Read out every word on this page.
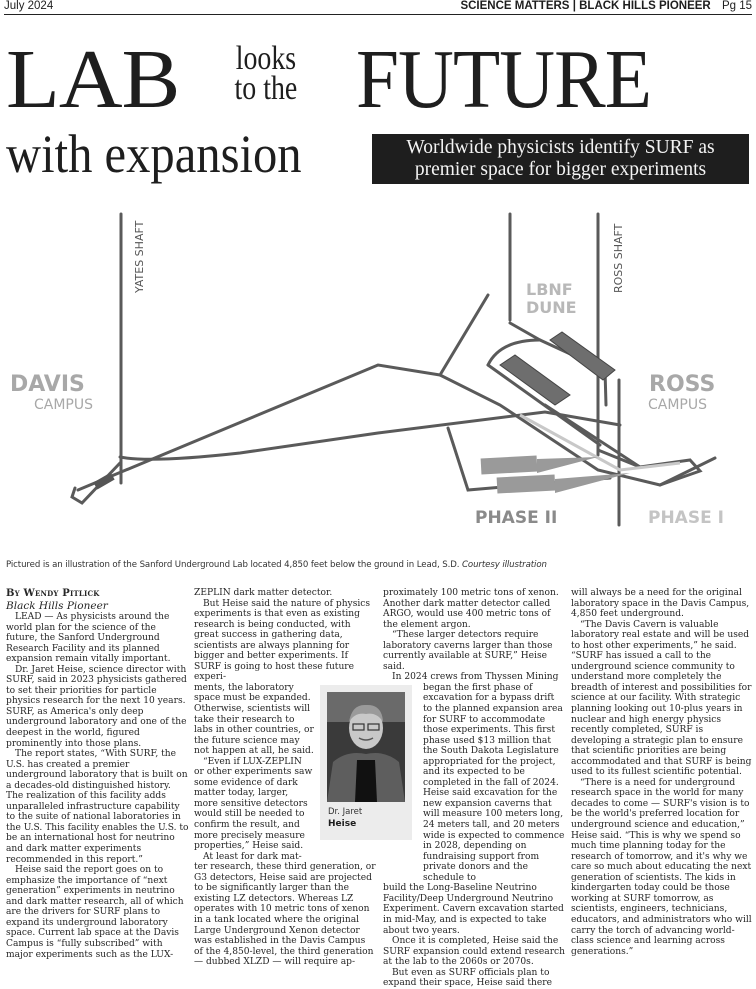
July 2024	SCIENCE MATTERS | BLACK HILLS PIONEER Pg 15
LAB	looks
to the FUTURE
with expansion	Worldwide physicists identify SURF as
premier space for bigger experiments
YATES SHAFT	ROSS SHAFT
DAVIS
CAMPUS
ROSS
CAMPUS
LBNF
DUNE
PHASE II	PHASE I
Pictured is an illustration of the Sanford Underground Lab located 4,850 feet below the ground in Lead, S.D. Courtesy illustration
By Wendy Pitlick
Black Hills Pioneer

LEAD — As physicists around the world plan for the science of the future, the Sanford Underground Research Facility and its planned expansion remain vitally important.

Dr. Jaret Heise, science director with SURF, said in 2023 physicists gathered to set their priorities for particle physics research for the next 10 years. SURF, as America's only deep underground laboratory and one of the deepest in the world, figured prominently into those plans.

The report states, “With SURF, the U.S. has created a premier underground laboratory that is built on a decades-old distinguished history. The realization of this facility adds unparalleled infrastructure capability to the suite of national laboratories in the U.S. This facility enables the U.S. to be an international host for neutrino and dark matter experiments recommended in this report.”

Heise said the report goes on to emphasize the importance of “next generation” experiments in neutrino and dark matter research, all of which are the drivers for SURF plans to expand its underground laboratory space. Current lab space at the Davis Campus is “fully subscribed” with major experiments such as the LUX-

ZEPLIN dark matter detector.

But Heise said the nature of physics experiments is that even as existing research is being conducted, with great success in gathering data, scientists are always planning for bigger and better experiments. If SURF is going to host these future experi-

ments, the laboratory space must be expanded. Otherwise, scientists will take their research to labs in other countries, or the future science may not happen at all, he said.

“Even if LUX-ZEPLIN or other experiments saw some evidence of dark matter today, larger, more sensitive detectors would still be needed to confirm the result, and more precisely measure properties,” Heise said.

At least for dark mat-

ter research, these third generation, or G3 detectors, Heise said are projected to be significantly larger than the existing LZ detectors. Whereas LZ operates with 10 metric tons of xenon in a tank located where the original Large Underground Xenon detector was established in the Davis Campus of the 4,850-level, the third generation — dubbed XLZD — will require ap-

Dr. Jaret
Heise

proximately 100 metric tons of xenon. Another dark matter detector called ARGO, would use 400 metric tons of the element argon.

“These larger detectors require laboratory caverns larger than those currently available at SURF,” Heise said.

In 2024 crews from Thyssen Mining

began the first phase of excavation for a bypass drift to the planned expansion area for SURF to accommodate those experiments. This first phase used $13 million that the South Dakota Legislature appropriated for the project, and its expected to be completed in the fall of 2024. Heise said excavation for the new expansion caverns that will measure 100 meters long, 24 meters tall, and 20 meters wide is expected to commence in 2028, depending on fundraising support from private donors and the schedule to

build the Long-Baseline Neutrino Facility/Deep Underground Neutrino Experiment. Cavern excavation started in mid-May, and is expected to take about two years.

Once it is completed, Heise said the SURF expansion could extend research at the lab to the 2060s or 2070s.

But even as SURF officials plan to expand their space, Heise said there

will always be a need for the original laboratory space in the Davis Campus, 4,850 feet underground.

“The Davis Cavern is valuable laboratory real estate and will be used to host other experiments,” he said. “SURF has issued a call to the underground science community to understand more completely the breadth of interest and possibilities for science at our facility. With strategic planning looking out 10-plus years in nuclear and high energy physics recently completed, SURF is developing a strategic plan to ensure that scientific priorities are being accommodated and that SURF is being used to its fullest scientific potential.

“There is a need for underground research space in the world for many decades to come — SURF's vision is to be the world's preferred location for underground science and education,” Heise said. “This is why we spend so much time planning today for the research of tomorrow, and it's why we care so much about educating the next generation of scientists. The kids in kindergarten today could be those working at SURF tomorrow, as scientists, engineers, technicians, educators, and administrators who will carry the torch of advancing world-class science and learning across generations.”
